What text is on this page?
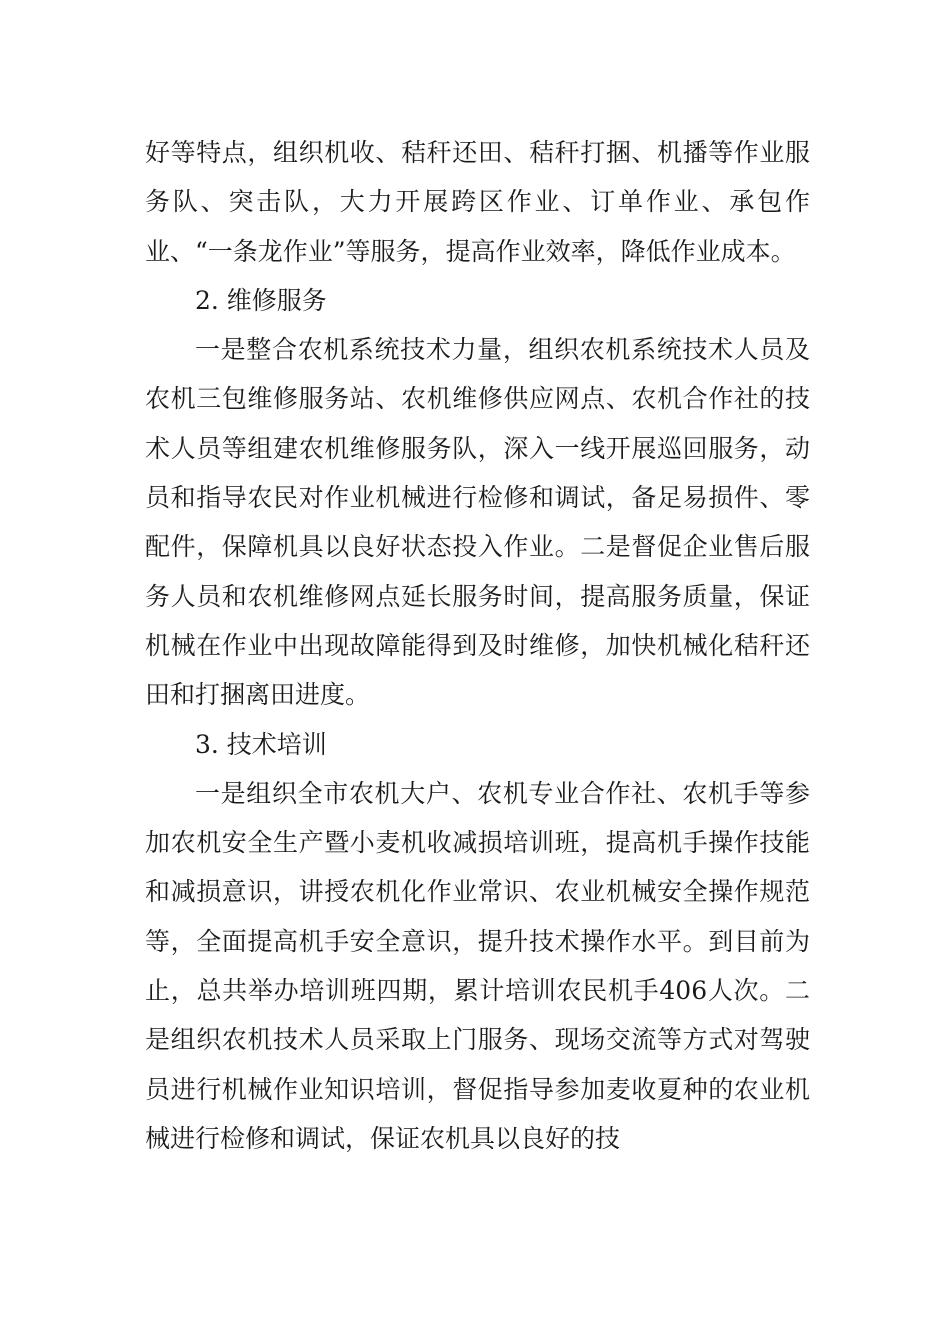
好等特点，组织机收、秸秆还田、秸秆打捆、机播等作业服务队、突击队，大力开展跨区作业、订单作业、承包作业、“一条龙作业”等服务，提高作业效率，降低作业成本。

2. 维修服务

一是整合农机系统技术力量，组织农机系统技术人员及农机三包维修服务站、农机维修供应网点、农机合作社的技术人员等组建农机维修服务队，深入一线开展巡回服务，动员和指导农民对作业机械进行检修和调试，备足易损件、零配件，保障机具以良好状态投入作业。二是督促企业售后服务人员和农机维修网点延长服务时间，提高服务质量，保证机械在作业中出现故障能得到及时维修，加快机械化秸秆还田和打捆离田进度。

3. 技术培训

一是组织全市农机大户、农机专业合作社、农机手等参加农机安全生产暨小麦机收减损培训班，提高机手操作技能和减损意识，讲授农机化作业常识、农业机械安全操作规范等，全面提高机手安全意识，提升技术操作水平。到目前为止，总共举办培训班四期，累计培训农民机手406人次。二是组织农机技术人员采取上门服务、现场交流等方式对驾驶员进行机械作业知识培训，督促指导参加麦收夏种的农业机械进行检修和调试，保证农机具以良好的技
